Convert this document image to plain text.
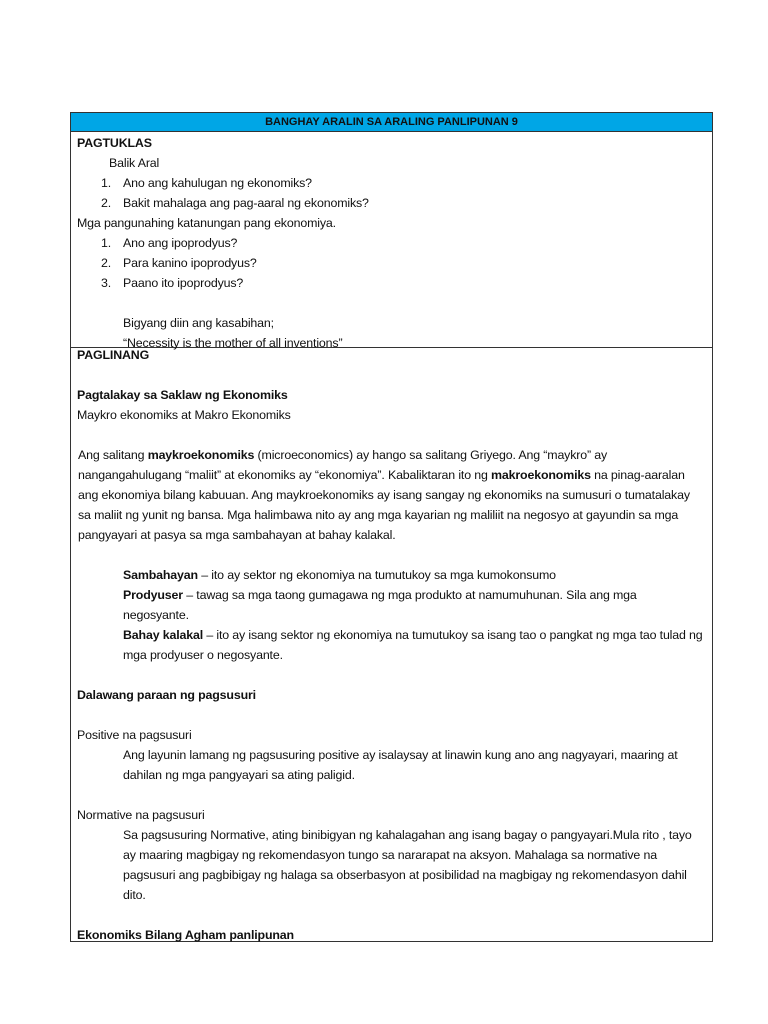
BANGHAY ARALIN SA ARALING PANLIPUNAN 9
PAGTUKLAS
Balik Aral
1. Ano ang kahulugan ng ekonomiks?
2. Bakit mahalaga ang pag-aaral ng ekonomiks?
Mga pangunahing katanungan pang ekonomiya.
1. Ano ang ipoprodyus?
2. Para kanino ipoprodyus?
3. Paano ito ipoprodyus?
Bigyang diin ang kasabihan;
“Necessity is the mother of all inventions”
PAGLINANG
Pagtalakay sa Saklaw ng Ekonomiks
Maykro ekonomiks at Makro Ekonomiks
Ang salitang maykroekonomiks (microeconomics) ay hango sa salitang Griyego. Ang “maykro” ay nangangahulugang “maliit” at ekonomiks ay “ekonomiya”. Kabaliktaran ito ng makroekonomiks na pinag-aaralan ang ekonomiya bilang kabuuan. Ang maykroekonomiks ay isang sangay ng ekonomiks na sumusuri o tumatalakay sa maliit ng yunit ng bansa. Mga halimbawa nito ay ang mga kayarian ng maliliit na negosyo at gayundin sa mga pangyayari at pasya sa mga sambahayan at bahay kalakal.
Sambahayan – ito ay sektor ng ekonomiya na tumutukoy sa mga kumokonsumo
Prodyuser – tawag sa mga taong gumagawa ng mga produkto at namumuhunan. Sila ang mga negosyante.
Bahay kalakal – ito ay isang sektor ng ekonomiya na tumutukoy sa isang tao o pangkat ng mga tao tulad ng mga prodyuser o negosyante.
Dalawang paraan ng pagsusuri
Positive na pagsusuri
Ang layunin lamang ng pagsusuring positive ay isalaysay at linawin kung ano ang nagyayari, maaring at dahilan ng mga pangyayari sa ating paligid.
Normative na pagsusuri
Sa pagsusuring Normative, ating binibigyan ng kahalagahan ang isang bagay o pangyayari.Mula rito , tayo ay maaring magbigay ng rekomendasyon tungo sa nararapat na aksyon. Mahalaga sa normative na pagsusuri ang pagbibigay ng halaga sa obserbasyon at posibilidad na magbigay ng rekomendasyon dahil dito.
Ekonomiks Bilang Agham panlipunan
